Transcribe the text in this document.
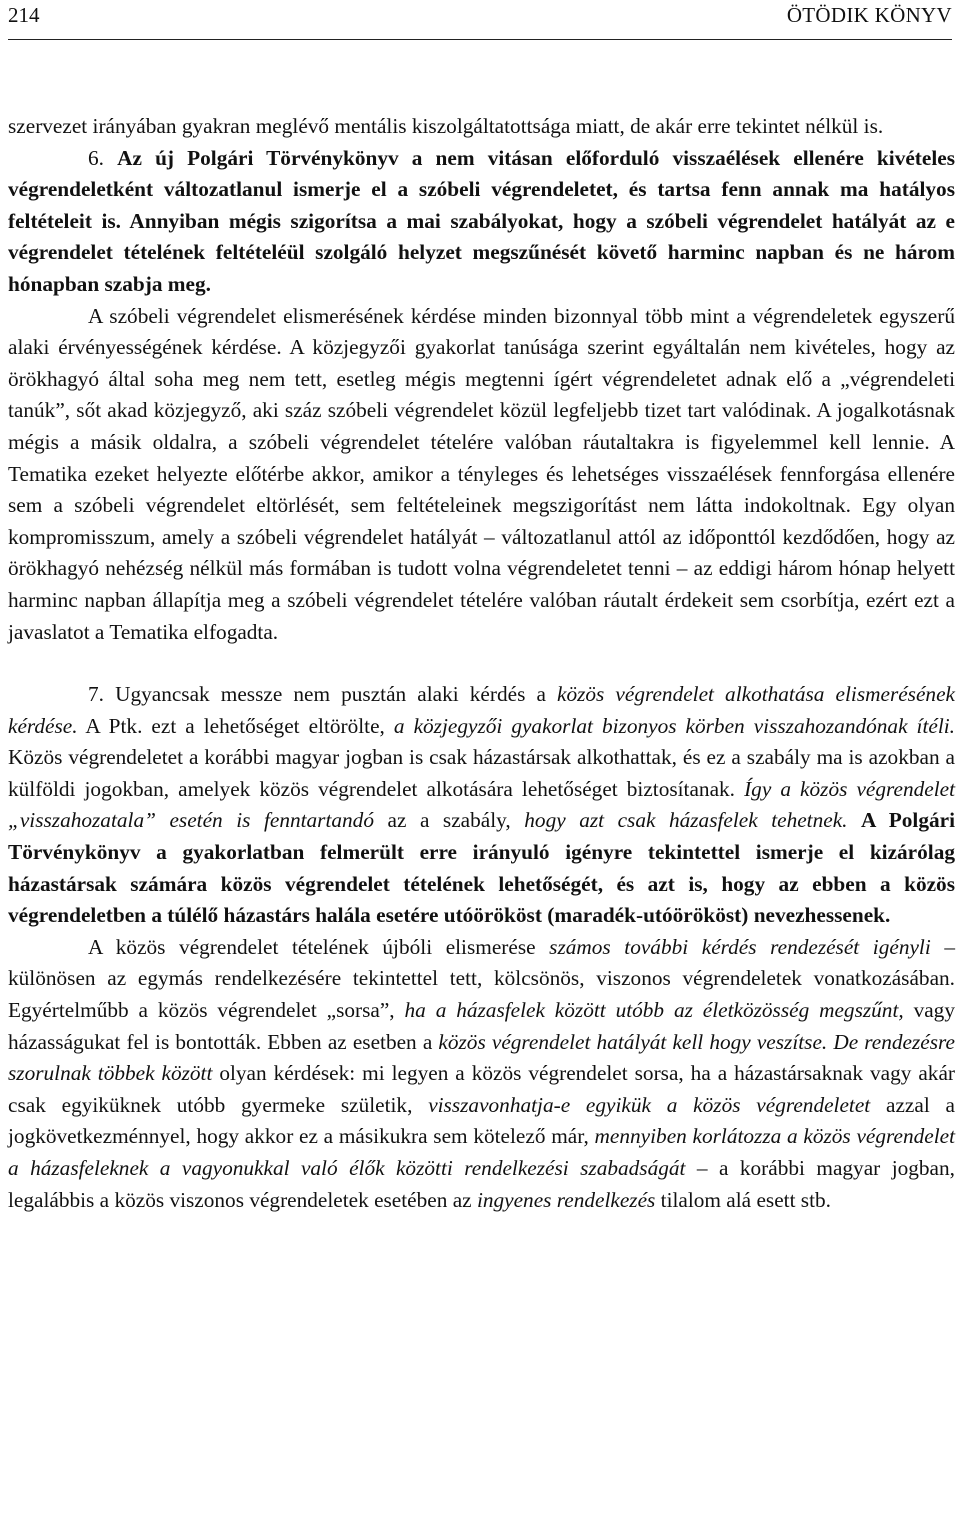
214	ÖTÖDIK KÖNYV

szervezet irányában gyakran meglévő mentális kiszolgáltatottsága miatt, de akár erre tekintet nélkül is.

6. Az új Polgári Törvénykönyv a nem vitásan előforduló visszaélések ellenére kivételes végrendeletként változatlanul ismerje el a szóbeli végrendeletet, és tartsa fenn annak ma hatályos feltételeit is. Annyiban mégis szigorítsa a mai szabályokat, hogy a szóbeli végrendelet hatályát az e végrendelet tételének feltételéül szolgáló helyzet megszűnését követő harminc napban és ne három hónapban szabja meg.

A szóbeli végrendelet elismerésének kérdése minden bizonnyal több mint a végrendeletek egyszerű alaki érvényességének kérdése. A közjegyzői gyakorlat tanúsága szerint egyáltalán nem kivételes, hogy az örökhagyó által soha meg nem tett, esetleg mégis megtenni ígért végrendeletet adnak elő a „végrendeleti tanúk”, sőt akad közjegyző, aki száz szóbeli végrendelet közül legfeljebb tizet tart valódinak. A jogalkotásnak mégis a másik oldalra, a szóbeli végrendelet tételére valóban ráutaltakra is figyelemmel kell lennie. A Tematika ezeket helyezte előtérbe akkor, amikor a tényleges és lehetséges visszaélések fennforgása ellenére sem a szóbeli végrendelet eltörlését, sem feltételeinek megszigorítást nem látta indokoltnak. Egy olyan kompromisszum, amely a szóbeli végrendelet hatályát – változatlanul attól az időponttól kezdődően, hogy az örökhagyó nehézség nélkül más formában is tudott volna végrendeletet tenni – az eddigi három hónap helyett harminc napban állapítja meg a szóbeli végrendelet tételére valóban ráutalt érdekeit sem csorbítja, ezért ezt a javaslatot a Tematika elfogadta.

7. Ugyancsak messze nem pusztán alaki kérdés a közös végrendelet alkothatása elismerésének kérdése. A Ptk. ezt a lehetőséget eltörölte, a közjegyzői gyakorlat bizonyos körben visszahozandónak ítéli. Közös végrendeletet a korábbi magyar jogban is csak házastársak alkothattak, és ez a szabály ma is azokban a külföldi jogokban, amelyek közös végrendelet alkotására lehetőséget biztosítanak. Így a közös végrendelet „visszahozatala” esetén is fenntartandó az a szabály, hogy azt csak házasfelek tehetnek. A Polgári Törvénykönyv a gyakorlatban felmerült erre irányuló igényre tekintettel ismerje el kizárólag házastársak számára közös végrendelet tételének lehetőségét, és azt is, hogy az ebben a közös végrendeletben a túlélő házastárs halála esetére utóörököst (maradék-utóörököst) nevezhessenek.

A közös végrendelet tételének újbóli elismerése számos további kérdés rendezését igényli – különösen az egymás rendelkezésére tekintettel tett, kölcsönös, viszonos végrendeletek vonatkozásában. Egyértelműbb a közös végrendelet „sorsa”, ha a házasfelek között utóbb az életközösség megszűnt, vagy házasságukat fel is bontották. Ebben az esetben a közös végrendelet hatályát kell hogy veszítse. De rendezésre szorulnak többek között olyan kérdések: mi legyen a közös végrendelet sorsa, ha a házastársaknak vagy akár csak egyiküknek utóbb gyermeke születik, visszavonhatja-e egyikük a közös végrendeletet azzal a jogkövetkezménnyel, hogy akkor ez a másikukra sem kötelező már, mennyiben korlátozza a közös végrendelet a házasfeleknek a vagyonukkal való élők közötti rendelkezési szabadságát – a korábbi magyar jogban, legalábbis a közös viszonos végrendeletek esetében az ingyenes rendelkezés tilalom alá esett stb.
